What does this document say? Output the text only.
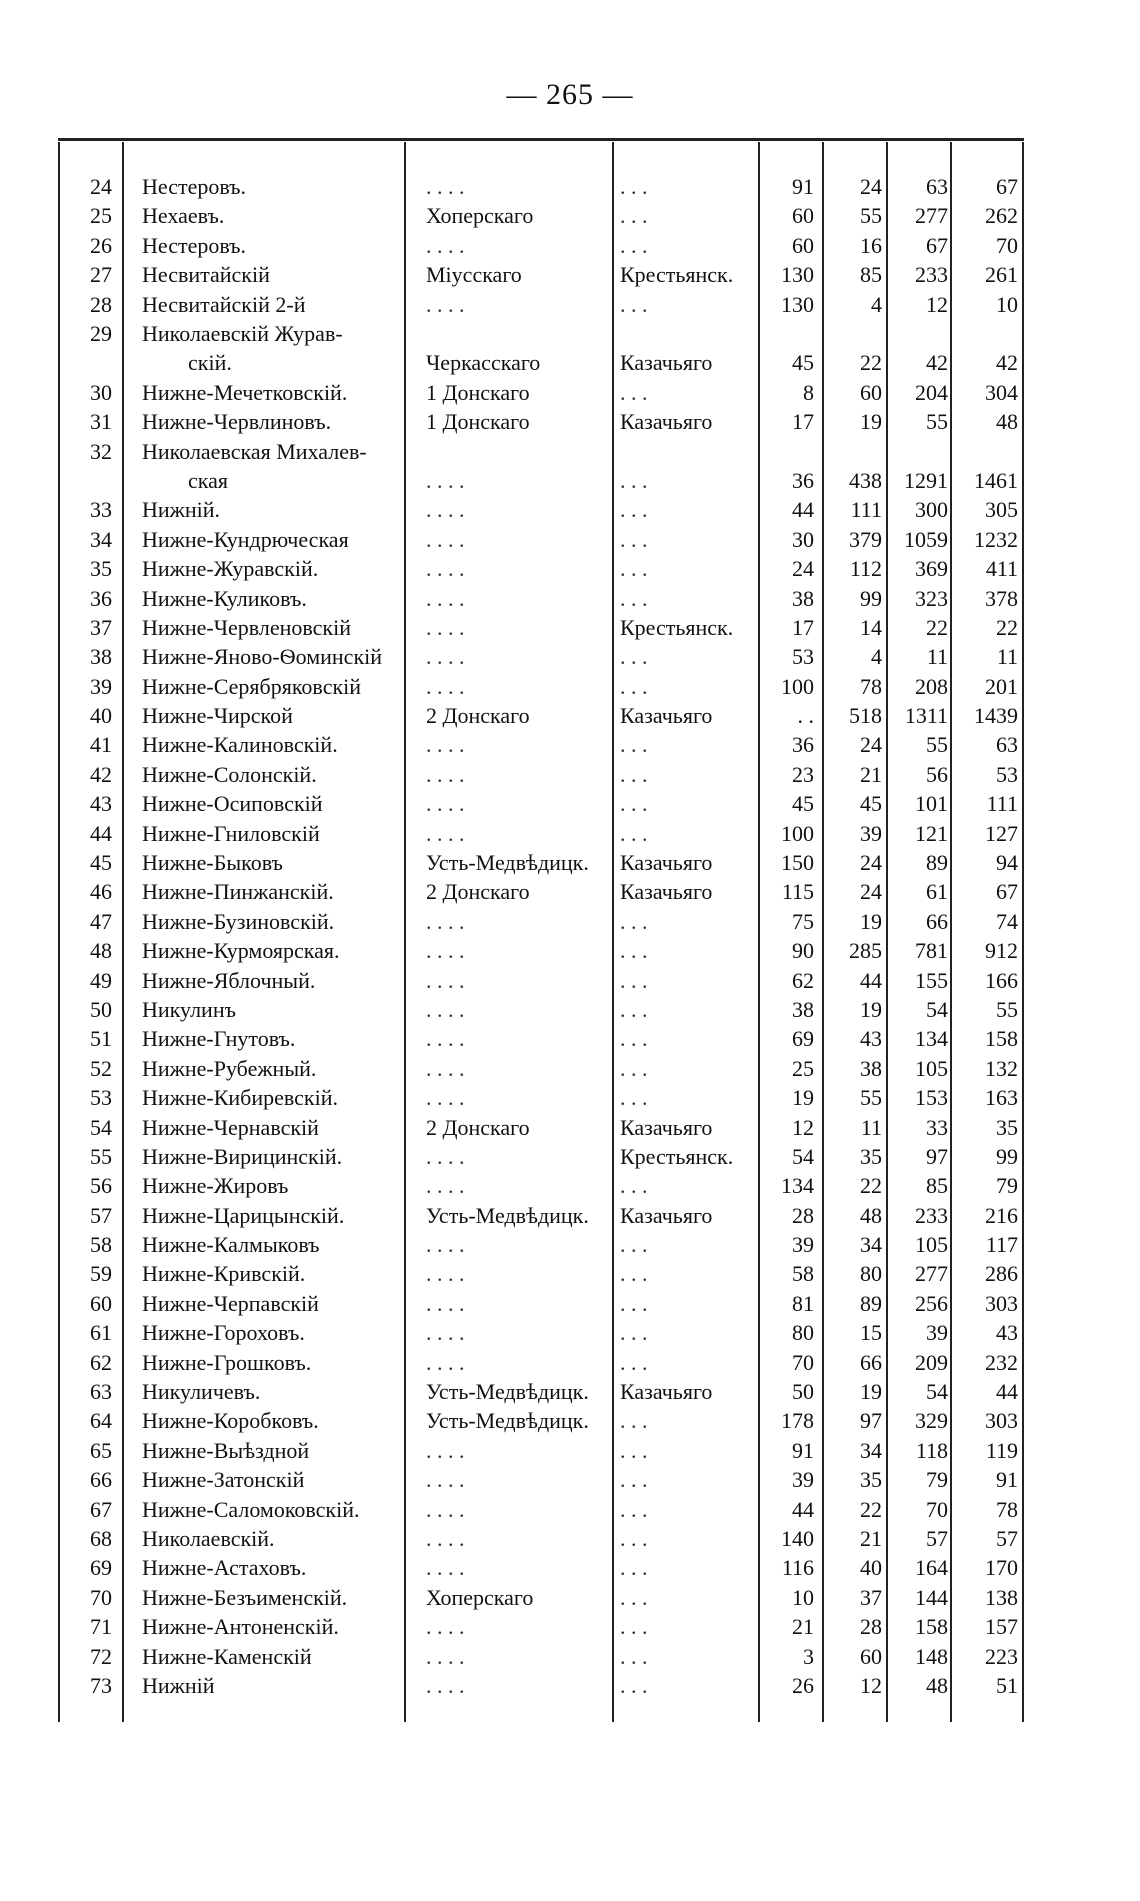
— 265 —
24 Нестеровъ.	. . . .	. . .	91	24	63	67
25 Нехаевъ.	Хоперскаго	. . .	60	55	277	262
26 Нестеровъ.	. . . .	. . .	60	16	67	70
27 Несвитайскій	Міусскаго	Крестьянск.	130	85	233	261
28 Несвитайскій 2-й	. . . .	. . .	130	4	12	10
29 Николаевскій Журав-
скій.	Черкасскаго	Казачьяго	45	22	42	42
30 Нижне-Мечетковскій.	1 Донскаго	. . .	8	60	204	304
31 Нижне-Червлиновъ.	1 Донскаго	Казачьяго	17	19	55	48
32 Николаевская Михалев-
ская	. . . .	. . .	36	438	1291	1461
33 Нижній.	. . . .	. . .	44	111	300	305
34 Нижне-Кундрюческая	. . . .	. . .	30	379	1059	1232
35 Нижне-Журавскій.	. . . .	. . .	24	112	369	411
36 Нижне-Куликовъ.	. . . .	. . .	38	99	323	378
37 Нижне-Червленовскій	. . . .	Крестьянск.	17	14	22	22
38 Нижне-Яново-Ѳоминскій	. . . .	. . .	53	4	11	11
39 Нижне-Серябряковскій	. . . .	. . .	100	78	208	201
40 Нижне-Чирской	2 Донскаго	Казачьяго	. .	518	1311	1439
41 Нижне-Калиновскій.	. . . .	. . .	36	24	55	63
42 Нижне-Солонскій.	. . . .	. . .	23	21	56	53
43 Нижне-Осиповскій	. . . .	. . .	45	45	101	111
44 Нижне-Гниловскій	. . . .	. . .	100	39	121	127
45 Нижне-Быковъ	Усть-Медвѣдицк.	Казачьяго	150	24	89	94
46 Нижне-Пинжанскій.	2 Донскаго	Казачьяго	115	24	61	67
47 Нижне-Бузиновскій.	. . . .	. . .	75	19	66	74
48 Нижне-Курмоярская.	. . . .	. . .	90	285	781	912
49 Нижне-Яблочный.	. . . .	. . .	62	44	155	166
50 Никулинъ	. . . .	. . .	38	19	54	55
51 Нижне-Гнутовъ.	. . . .	. . .	69	43	134	158
52 Нижне-Рубежный.	. . . .	. . .	25	38	105	132
53 Нижне-Кибиревскій.	. . . .	. . .	19	55	153	163
54 Нижне-Чернавскій	2 Донскаго	Казачьяго	12	11	33	35
55 Нижне-Вирицинскій.	. . . .	Крестьянск.	54	35	97	99
56 Нижне-Жировъ	. . . .	. . .	134	22	85	79
57 Нижне-Царицынскій.	Усть-Медвѣдицк.	Казачьяго	28	48	233	216
58 Нижне-Калмыковъ	. . . .	. . .	39	34	105	117
59 Нижне-Кривскій.	. . . .	. . .	58	80	277	286
60 Нижне-Черпавскій	. . . .	. . .	81	89	256	303
61 Нижне-Гороховъ.	. . . .	. . .	80	15	39	43
62 Нижне-Грошковъ.	. . . .	. . .	70	66	209	232
63 Никуличевъ.	Усть-Медвѣдицк.	Казачьяго	50	19	54	44
64 Нижне-Коробковъ.	Усть-Медвѣдицк.	. . .	178	97	329	303
65 Нижне-Выѣздной	. . . .	. . .	91	34	118	119
66 Нижне-Затонскій	. . . .	. . .	39	35	79	91
67 Нижне-Саломоковскій.	. . . .	. . .	44	22	70	78
68 Николаевскій.	. . . .	. . .	140	21	57	57
69 Нижне-Астаховъ.	. . . .	. . .	116	40	164	170
70 Нижне-Безъименскій.	Хоперскаго	. . .	10	37	144	138
71 Нижне-Антоненскій.	. . . .	. . .	21	28	158	157
72 Нижне-Каменскій	. . . .	. . .	3	60	148	223
73 Нижній	. . . .	. . .	26	12	48	51
